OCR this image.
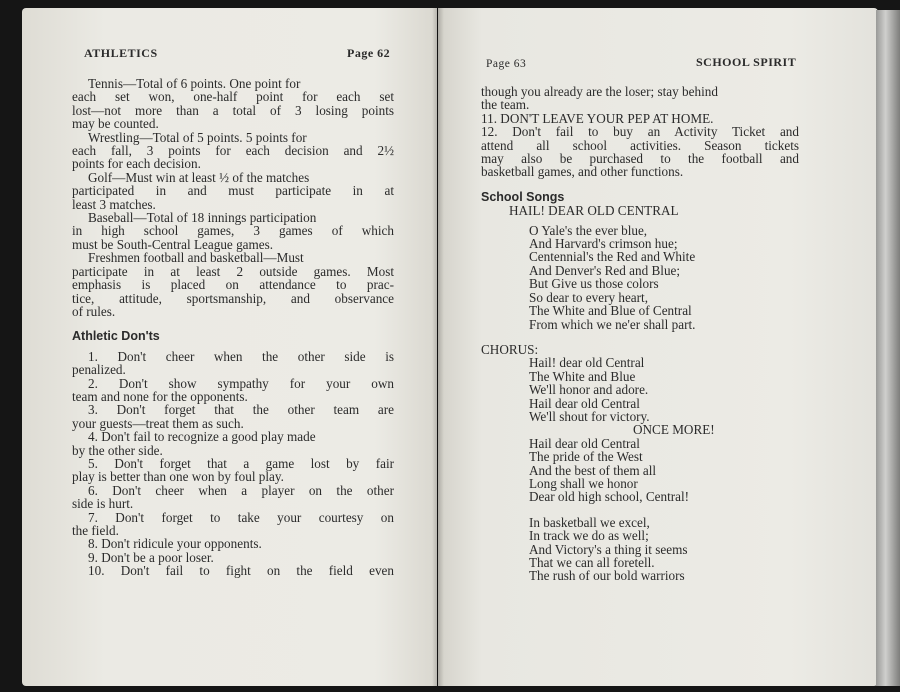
ATHLETICS	Page 62

Tennis—Total of 6 points. One point for

each set won, one-half point for each set

lost—not more than a total of 3 losing points

may be counted.

Wrestling—Total of 5 points. 5 points for

each fall, 3 points for each decision and 2½

points for each decision.

Golf—Must win at least ½ of the matches

participated in and must participate in at

least 3 matches.

Baseball—Total of 18 innings participation

in high school games, 3 games of which

must be South-Central League games.

Freshmen football and basketball—Must

participate in at least 2 outside games. Most

emphasis is placed on attendance to prac-

tice, attitude, sportsmanship, and observance

of rules.

Athletic Don'ts

1. Don't cheer when the other side is

penalized.

2. Don't show sympathy for your own

team and none for the opponents.

3. Don't forget that the other team are

your guests—treat them as such.

4. Don't fail to recognize a good play made

by the other side.

5. Don't forget that a game lost by fair

play is better than one won by foul play.

6. Don't cheer when a player on the other

side is hurt.

7. Don't forget to take your courtesy on

the field.

8. Don't ridicule your opponents.

9. Don't be a poor loser.

10. Don't fail to fight on the field even

Page 63	SCHOOL SPIRIT

though you already are the loser; stay behind

the team.

11. DON'T LEAVE YOUR PEP AT HOME.

12. Don't fail to buy an Activity Ticket and

attend all school activities. Season tickets

may also be purchased to the football and

basketball games, and other functions.

School Songs

HAIL! DEAR OLD CENTRAL

O Yale's the ever blue,

And Harvard's crimson hue;

Centennial's the Red and White

And Denver's Red and Blue;

But Give us those colors

So dear to every heart,

The White and Blue of Central

From which we ne'er shall part.

CHORUS:

Hail! dear old Central

The White and Blue

We'll honor and adore.

Hail dear old Central

We'll shout for victory.

ONCE MORE!

Hail dear old Central

The pride of the West

And the best of them all

Long shall we honor

Dear old high school, Central!

In basketball we excel,

In track we do as well;

And Victory's a thing it seems

That we can all foretell.

The rush of our bold warriors
